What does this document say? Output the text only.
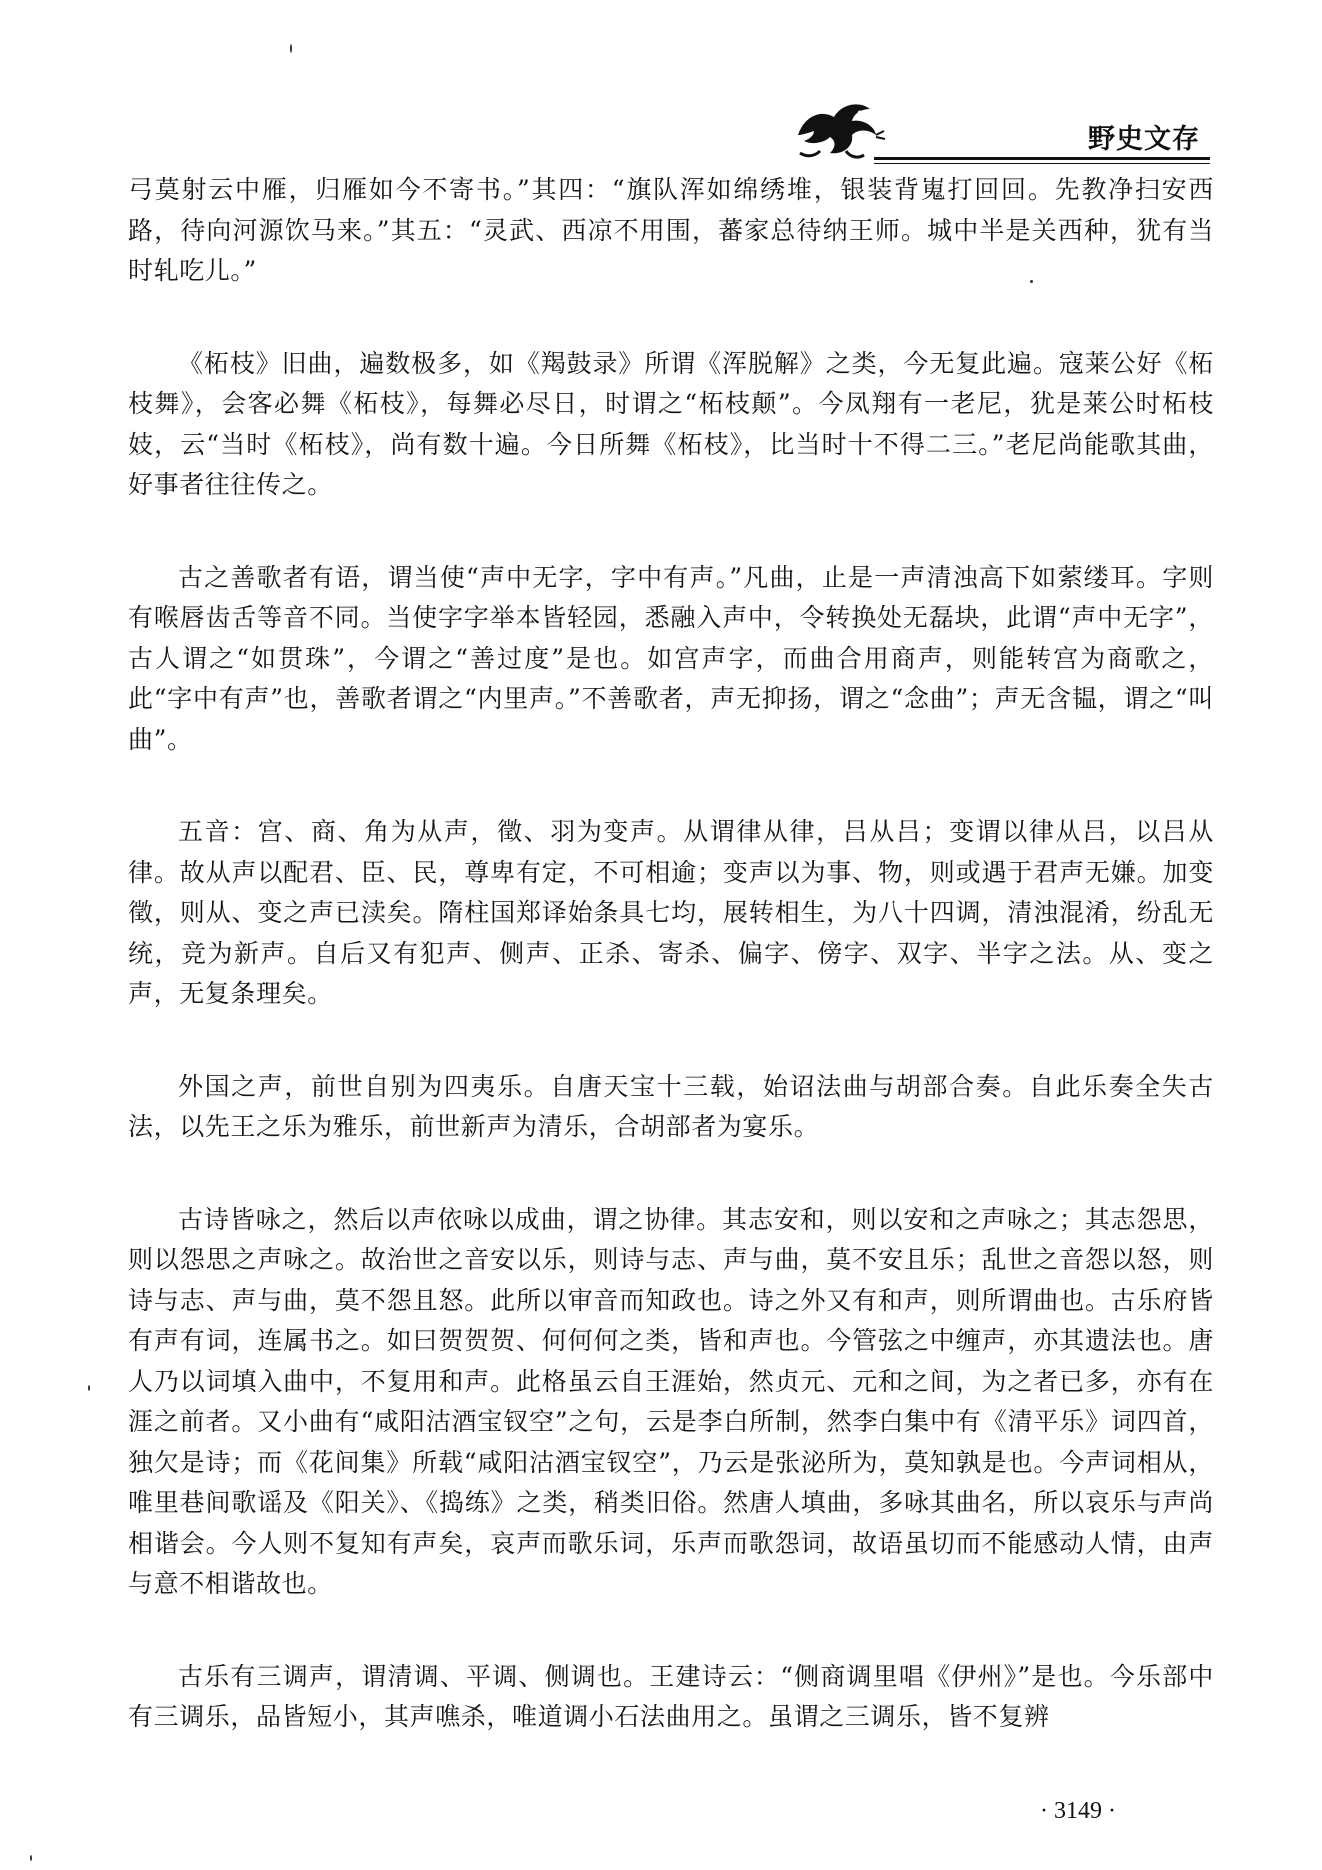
野史文存

弓莫射云中雁，归雁如今不寄书。”其四：“旗队浑如绵绣堆，银装背嵬打回回。先教净扫安西路，待向河源饮马来。”其五：“灵武、西凉不用围，蕃家总待纳王师。城中半是关西种，犹有当时轧吃儿。”

《柘枝》旧曲，遍数极多，如《羯鼓录》所谓《浑脱解》之类，今无复此遍。寇莱公好《柘枝舞》，会客必舞《柘枝》，每舞必尽日，时谓之“柘枝颠”。今凤翔有一老尼，犹是莱公时柘枝妓，云“当时《柘枝》，尚有数十遍。今日所舞《柘枝》，比当时十不得二三。”老尼尚能歌其曲，好事者往往传之。

古之善歌者有语，谓当使“声中无字，字中有声。”凡曲，止是一声清浊高下如萦缕耳。字则有喉唇齿舌等音不同。当使字字举本皆轻园，悉融入声中，令转换处无磊块，此谓“声中无字”，古人谓之“如贯珠”，今谓之“善过度”是也。如宫声字，而曲合用商声，则能转宫为商歌之，此“字中有声”也，善歌者谓之“内里声。”不善歌者，声无抑扬，谓之“念曲”；声无含韫，谓之“叫曲”。

五音：宫、商、角为从声，徵、羽为变声。从谓律从律，吕从吕；变谓以律从吕，以吕从律。故从声以配君、臣、民，尊卑有定，不可相逾；变声以为事、物，则或遇于君声无嫌。加变徵，则从、变之声已渎矣。隋柱国郑译始条具七均，展转相生，为八十四调，清浊混淆，纷乱无统，竞为新声。自后又有犯声、侧声、正杀、寄杀、偏字、傍字、双字、半字之法。从、变之声，无复条理矣。

外国之声，前世自别为四夷乐。自唐天宝十三载，始诏法曲与胡部合奏。自此乐奏全失古法，以先王之乐为雅乐，前世新声为清乐，合胡部者为宴乐。

古诗皆咏之，然后以声依咏以成曲，谓之协律。其志安和，则以安和之声咏之；其志怨思，则以怨思之声咏之。故治世之音安以乐，则诗与志、声与曲，莫不安且乐；乱世之音怨以怒，则诗与志、声与曲，莫不怨且怒。此所以审音而知政也。诗之外又有和声，则所谓曲也。古乐府皆有声有词，连属书之。如曰贺贺贺、何何何之类，皆和声也。今管弦之中缠声，亦其遗法也。唐人乃以词填入曲中，不复用和声。此格虽云自王涯始，然贞元、元和之间，为之者已多，亦有在涯之前者。又小曲有“咸阳沽酒宝钗空”之句，云是李白所制，然李白集中有《清平乐》词四首，独欠是诗；而《花间集》所载“咸阳沽酒宝钗空”，乃云是张泌所为，莫知孰是也。今声词相从，唯里巷间歌谣及《阳关》、《捣练》之类，稍类旧俗。然唐人填曲，多咏其曲名，所以哀乐与声尚相谐会。今人则不复知有声矣，哀声而歌乐词，乐声而歌怨词，故语虽切而不能感动人情，由声与意不相谐故也。

古乐有三调声，谓清调、平调、侧调也。王建诗云：“侧商调里唱《伊州》”是也。今乐部中有三调乐，品皆短小，其声噍杀，唯道调小石法曲用之。虽谓之三调乐，皆不复辨

· 3149 ·
